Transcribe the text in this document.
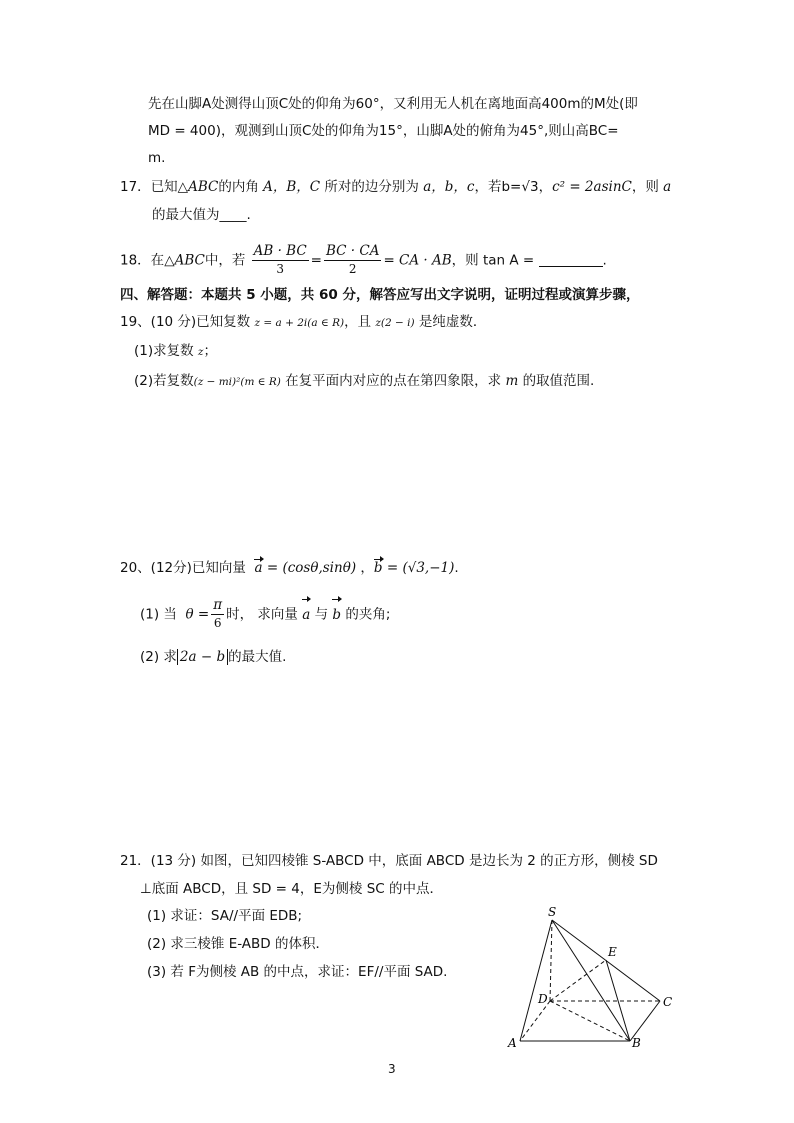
先在山脚A处测得山顶C处的仰角为60°，又利用无人机在离地面高400m的M处(即
MD = 400)，观测到山顶C处的仰角为15°，山脚A处的俯角为45°,则山高BC=
m.
17．已知△ABC的内角 A，B，C 所对的边分别为 a，b，c，若b=√3，c² = 2asinC，则 a
的最大值为____.
18．在△ABC中，若 $\frac{AB \cdot BC}{3} = \frac{BC \cdot CA}{2}$ = CA · AB，则 tan A =	.
四、解答题：本题共 5 小题，共 60 分，解答应写出文字说明，证明过程或演算步骤，
19、(10 分)已知复数 z = a + 2i(a ∈ R)，且 z(2 − i) 是纯虚数．
(1)求复数 z；
(2)若复数(z − mi)²(m ∈ R) 在复平面内对应的点在第四象限，求 m 的取值范围.
20、(12分)已知向量 a = (cosθ,sinθ) ，b = (√3,−1).
(1) 当 $\theta = \frac{\pi}{6}$ 时， 求向量 a 与 b 的夹角;
(2) 求 2a − b 的最大值.
21．(13 分) 如图，已知四棱锥 S-ABCD 中，底面 ABCD 是边长为 2 的正方形，侧棱 SD
⊥底面 ABCD，且 SD = 4，E为侧棱 SC 的中点．
(1) 求证：SA//平面 EDB;
(2) 求三棱锥 E-ABD 的体积．
(3) 若 F为侧棱 AB 的中点，求证：EF//平面 SAD.
S
E
D	C
A	B
3
